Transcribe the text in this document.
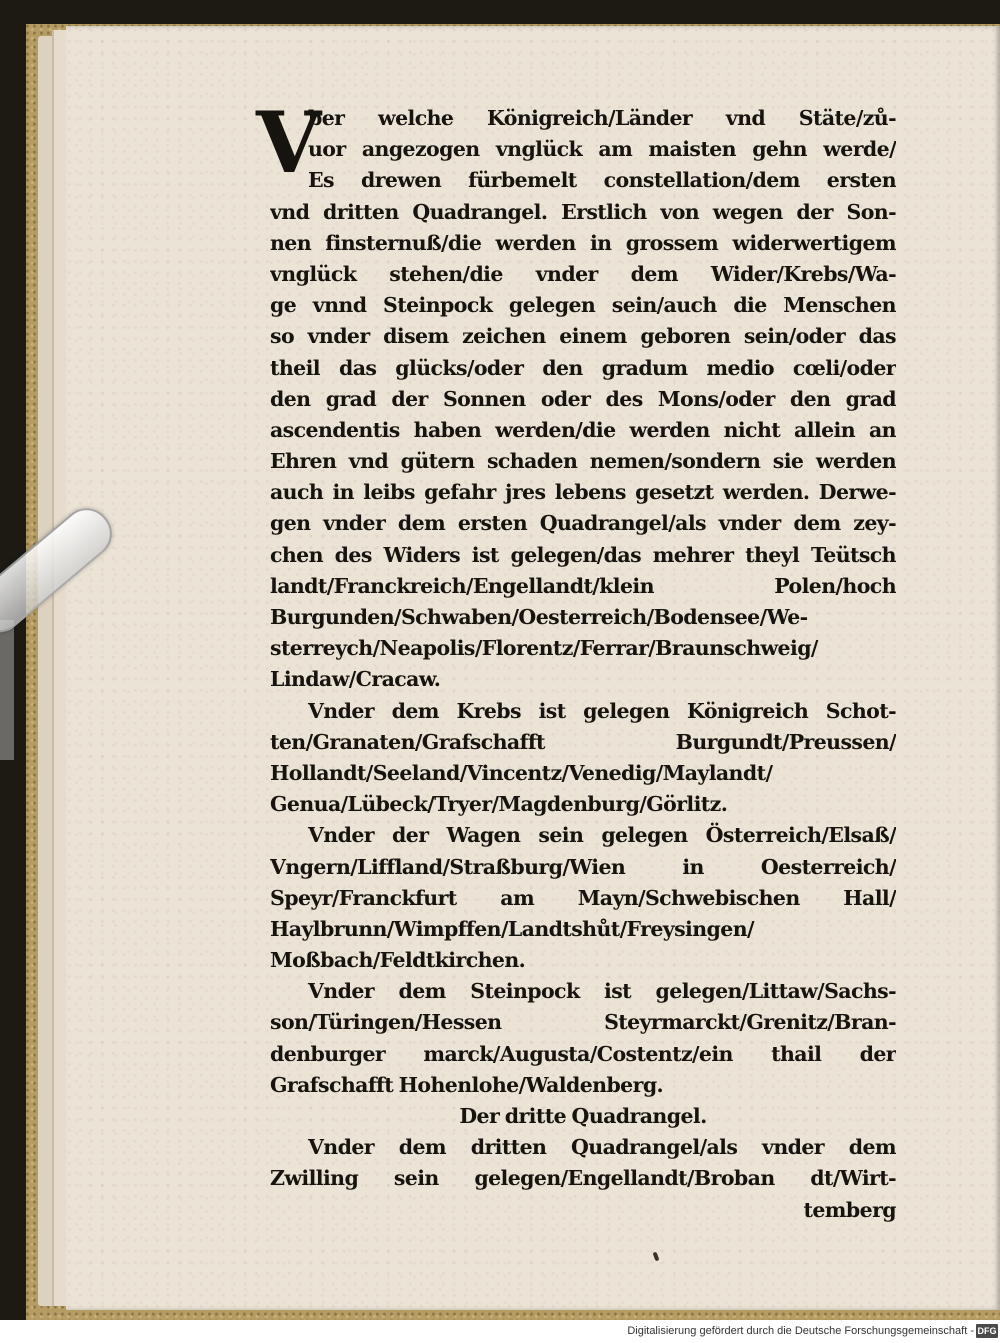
V
ber welche Königreich/Länder vnd Stäte/zů-
uor angezogen vnglück am maisten gehn werde/
Es drewen fürbemelt constellation/dem ersten
vnd dritten Quadrangel. Erstlich von wegen der Son-
nen finsternuß/die werden in grossem widerwertigem
vnglück stehen/die vnder dem Wider/Krebs/Wa-
ge vnnd Steinpock gelegen sein/auch die Menschen
so vnder disem zeichen einem geboren sein/oder das
theil das glücks/oder den gradum medio cœli/oder
den grad der Sonnen oder des Mons/oder den grad
ascendentis haben werden/die werden nicht allein an
Ehren vnd gütern schaden nemen/sondern sie werden
auch in leibs gefahr jres lebens gesetzt werden. Derwe-
gen vnder dem ersten Quadrangel/als vnder dem zey-
chen des Widers ist gelegen/das mehrer theyl Teütsch
landt/Franckreich/Engellandt/klein Polen/hoch
Burgunden/Schwaben/Oesterreich/Bodensee/We-
sterreych/Neapolis/Florentz/Ferrar/Braunschweig/
Lindaw/Cracaw.
Vnder dem Krebs ist gelegen Königreich Schot-
ten/Granaten/Grafschafft Burgundt/Preussen/
Hollandt/Seeland/Vincentz/Venedig/Maylandt/
Genua/Lübeck/Tryer/Magdenburg/Görlitz.
Vnder der Wagen sein gelegen Österreich/Elsaß/
Vngern/Liffland/Straßburg/Wien in Oesterreich/
Speyr/Franckfurt am Mayn/Schwebischen Hall/
Haylbrunn/Wimpffen/Landtshůt/Freysingen/
Moßbach/Feldtkirchen.
Vnder dem Steinpock ist gelegen/Littaw/Sachs-
son/Türingen/Hessen Steyrmarckt/Grenitz/Bran-
denburger marck/Augusta/Costentz/ein thail der
Grafschafft Hohenlohe/Waldenberg.
Der dritte Quadrangel.
Vnder dem dritten Quadrangel/als vnder dem
Zwilling sein gelegen/Engellandt/Broban dt/Wirt-
temberg
Digitalisierung gefördert durch die Deutsche Forschungsgemeinschaft - DFG
